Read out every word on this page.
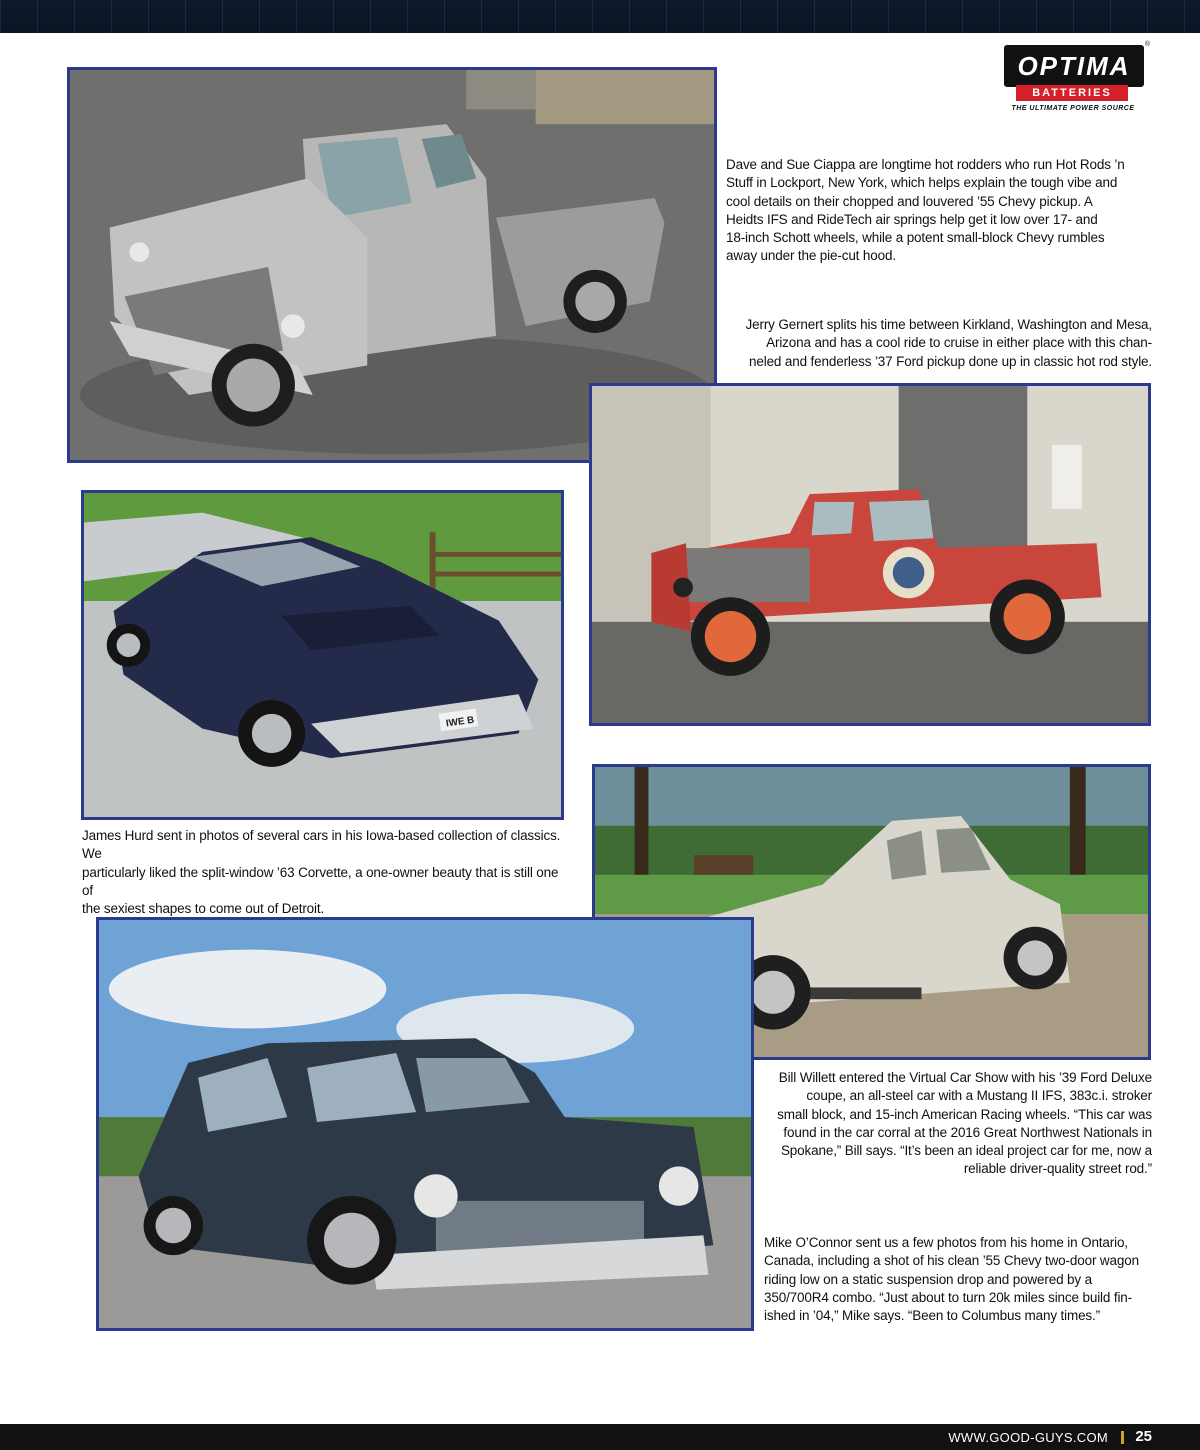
OPTIMA
®
BATTERIES
THE ULTIMATE POWER SOURCE
Dave and Sue Ciappa are longtime hot rodders who run Hot Rods ’n
Stuff in Lockport, New York, which helps explain the tough vibe and
cool details on their chopped and louvered ’55 Chevy pickup. A
Heidts IFS and RideTech air springs help get it low over 17- and
18-inch Schott wheels, while a potent small-block Chevy rumbles
away under the pie-cut hood.
Jerry Gernert splits his time between Kirkland, Washington and Mesa,
Arizona and has a cool ride to cruise in either place with this chan-
neled and fenderless ’37 Ford pickup done up in classic hot rod style.
IWE B
James Hurd sent in photos of several cars in his Iowa-based collection of classics. We
particularly liked the split-window ’63 Corvette, a one-owner beauty that is still one of
the sexiest shapes to come out of Detroit.
Bill Willett entered the Virtual Car Show with his ’39 Ford Deluxe
coupe, an all-steel car with a Mustang II IFS, 383c.i. stroker
small block, and 15-inch American Racing wheels. “This car was
found in the car corral at the 2016 Great Northwest Nationals in
Spokane,” Bill says. “It’s been an ideal project car for me, now a
reliable driver-quality street rod.”
Mike O’Connor sent us a few photos from his home in Ontario,
Canada, including a shot of his clean ’55 Chevy two-door wagon
riding low on a static suspension drop and powered by a
350/700R4 combo. “Just about to turn 20k miles since build fin-
ished in ’04,” Mike says. “Been to Columbus many times.”
WWW.GOOD-GUYS.COM 25
